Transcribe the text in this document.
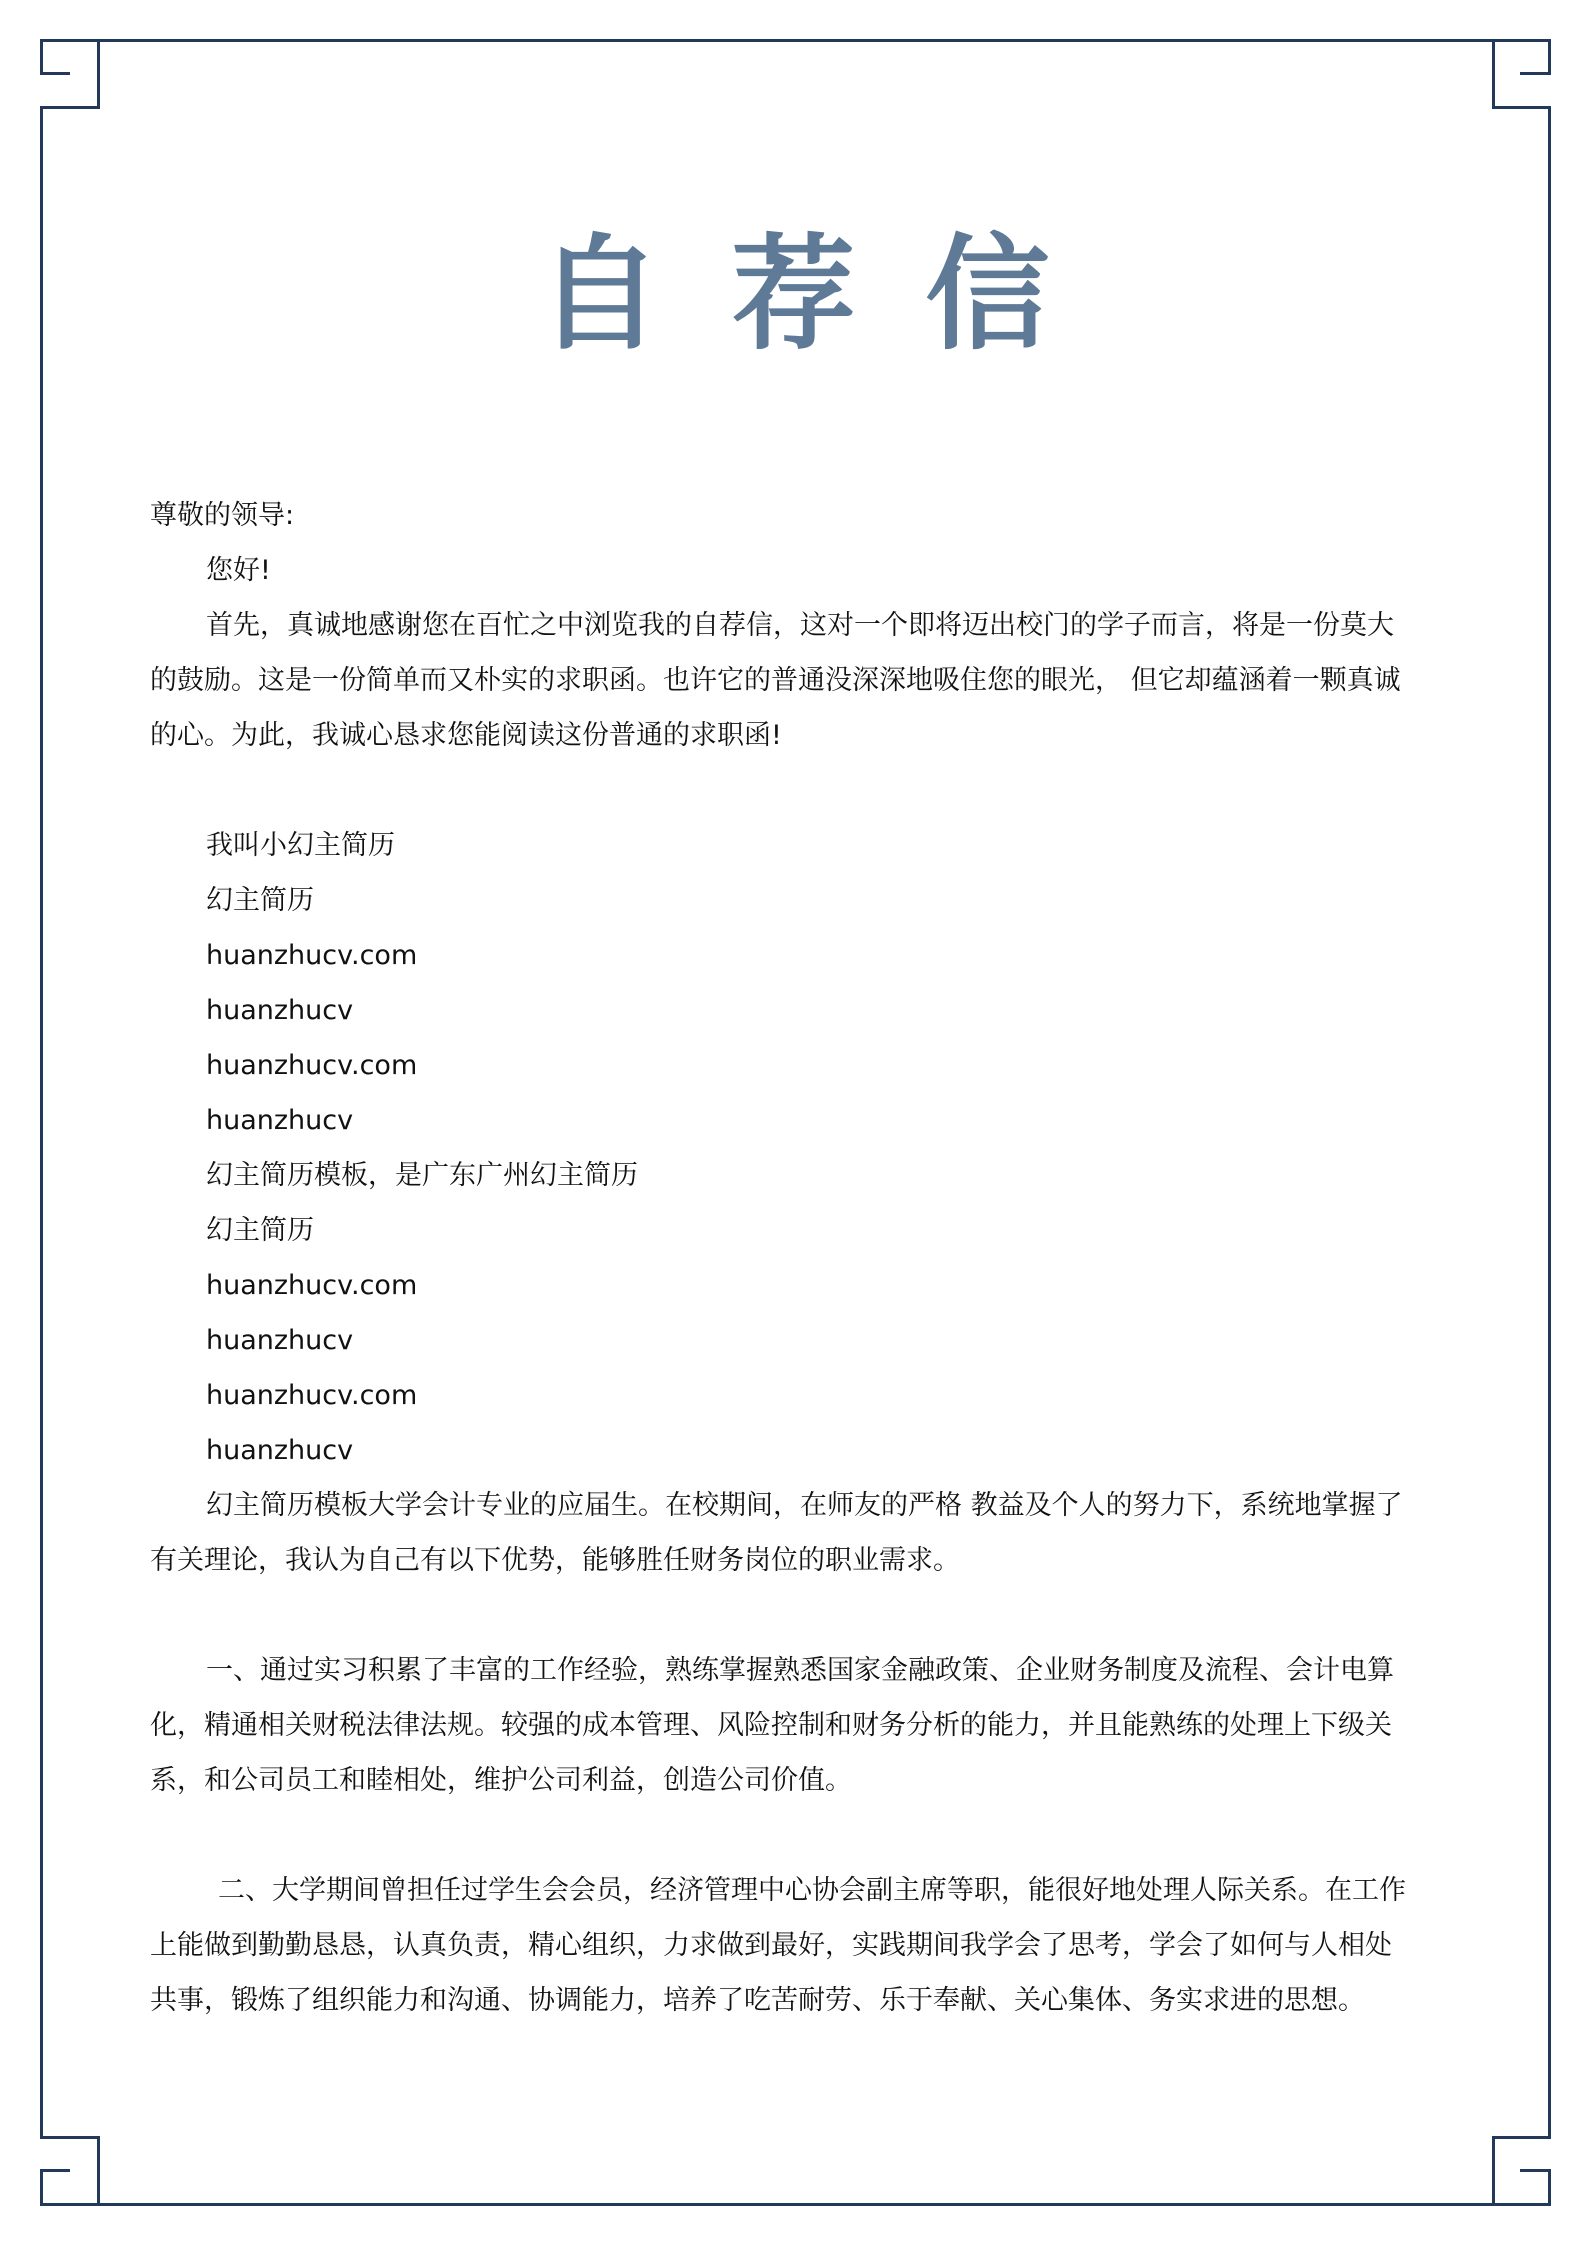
自荐信
尊敬的领导:
您好!
首先，真诚地感谢您在百忙之中浏览我的自荐信，这对一个即将迈出校门的学子而言，将是一份莫大
的鼓励。这是一份简单而又朴实的求职函。也许它的普通没深深地吸住您的眼光， 但它却蕴涵着一颗真诚
的心。为此，我诚心恳求您能阅读这份普通的求职函!
我叫小幻主简历
幻主简历
huanzhucv.com
huanzhucv
huanzhucv.com
huanzhucv
幻主简历模板，是广东广州幻主简历
幻主简历
huanzhucv.com
huanzhucv
huanzhucv.com
huanzhucv
幻主简历模板大学会计专业的应届生。在校期间，在师友的严格 教益及个人的努力下，系统地掌握了
有关理论，我认为自己有以下优势，能够胜任财务岗位的职业需求。
一、通过实习积累了丰富的工作经验，熟练掌握熟悉国家金融政策、企业财务制度及流程、会计电算
化，精通相关财税法律法规。较强的成本管理、风险控制和财务分析的能力，并且能熟练的处理上下级关
系，和公司员工和睦相处，维护公司利益，创造公司价值。
二、大学期间曾担任过学生会会员，经济管理中心协会副主席等职，能很好地处理人际关系。在工作
上能做到勤勤恳恳，认真负责，精心组织，力求做到最好，实践期间我学会了思考，学会了如何与人相处
共事，锻炼了组织能力和沟通、协调能力，培养了吃苦耐劳、乐于奉献、关心集体、务实求进的思想。
